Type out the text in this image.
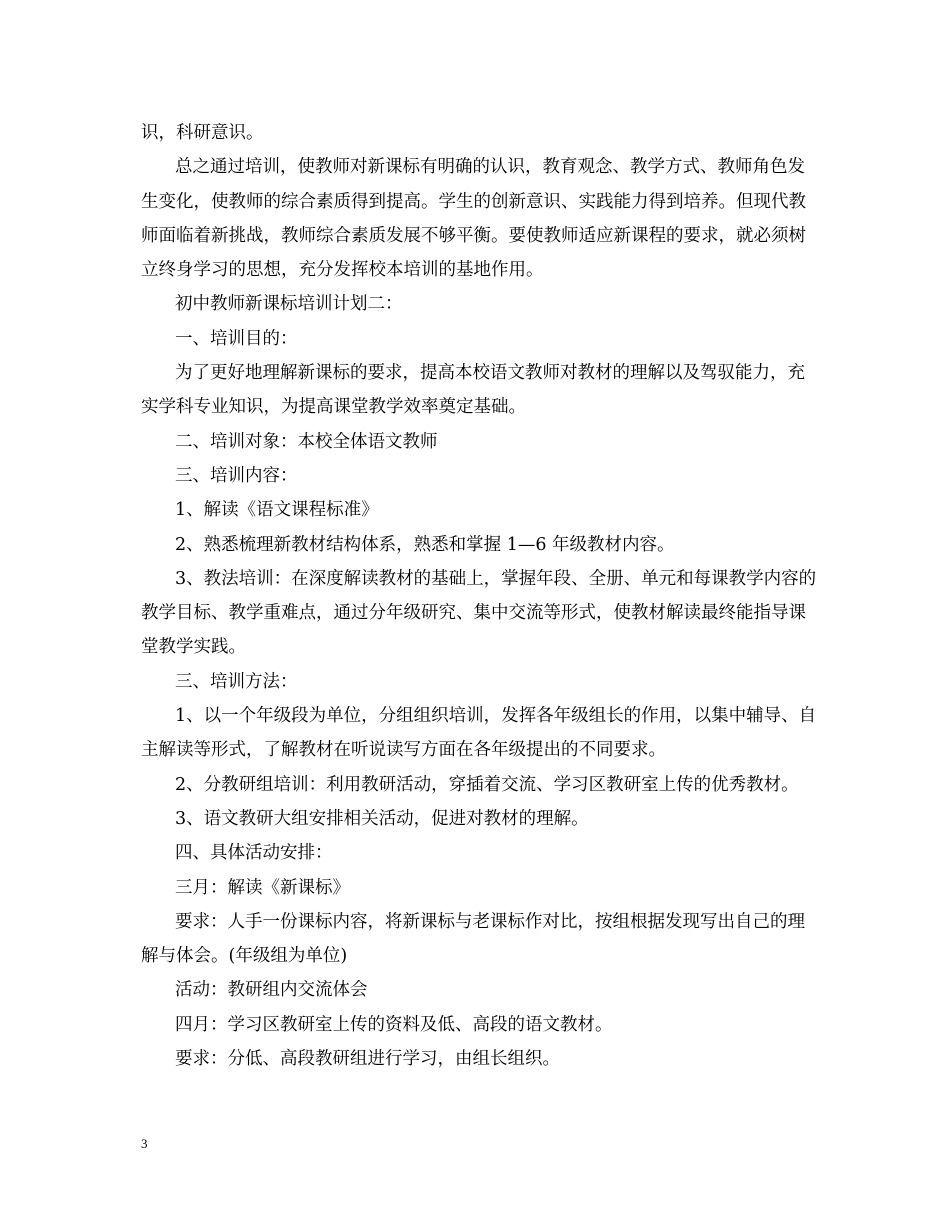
识，科研意识。

总之通过培训，使教师对新课标有明确的认识，教育观念、教学方式、教师角色发生变化，使教师的综合素质得到提高。学生的创新意识、实践能力得到培养。但现代教师面临着新挑战，教师综合素质发展不够平衡。要使教师适应新课程的要求，就必须树立终身学习的思想，充分发挥校本培训的基地作用。

初中教师新课标培训计划二：

一、培训目的：

为了更好地理解新课标的要求，提高本校语文教师对教材的理解以及驾驭能力，充实学科专业知识，为提高课堂教学效率奠定基础。

二、培训对象：本校全体语文教师

三、培训内容：

1、解读《语文课程标准》

2、熟悉梳理新教材结构体系，熟悉和掌握 1—6 年级教材内容。

3、教法培训：在深度解读教材的基础上，掌握年段、全册、单元和每课教学内容的教学目标、教学重难点，通过分年级研究、集中交流等形式，使教材解读最终能指导课堂教学实践。

三、培训方法：

1、以一个年级段为单位，分组组织培训，发挥各年级组长的作用，以集中辅导、自主解读等形式，了解教材在听说读写方面在各年级提出的不同要求。

2、分教研组培训：利用教研活动，穿插着交流、学习区教研室上传的优秀教材。

3、语文教研大组安排相关活动，促进对教材的理解。

四、具体活动安排：

三月：解读《新课标》

要求：人手一份课标内容，将新课标与老课标作对比，按组根据发现写出自己的理解与体会。(年级组为单位)

活动：教研组内交流体会

四月：学习区教研室上传的资料及低、高段的语文教材。

要求：分低、高段教研组进行学习，由组长组织。

3
